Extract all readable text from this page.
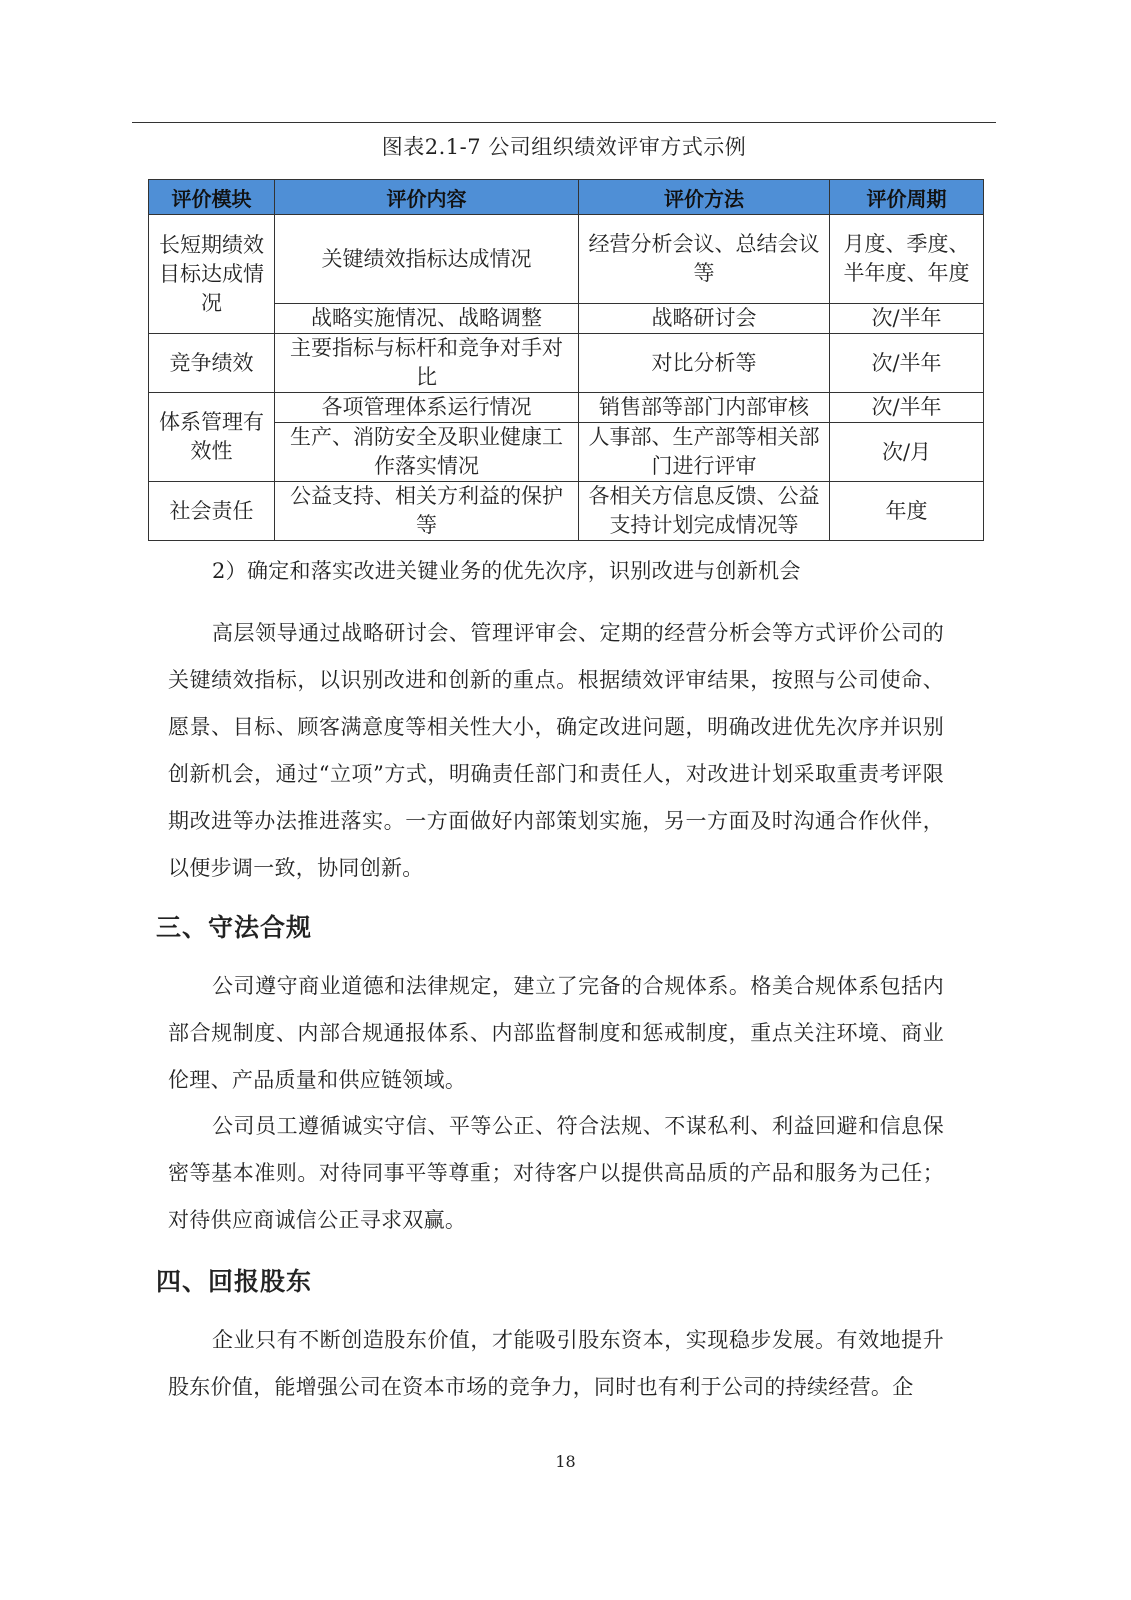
图表2.1-7 公司组织绩效评审方式示例
评价模块	评价内容	评价方法	评价周期
长短期绩效目标达成情况	关键绩效指标达成情况	经营分析会议、总结会议等	月度、季度、半年度、年度
	战略实施情况、战略调整	战略研讨会	次/半年
竞争绩效	主要指标与标杆和竞争对手对比	对比分析等	次/半年
体系管理有效性	各项管理体系运行情况	销售部等部门内部审核	次/半年
	生产、消防安全及职业健康工作落实情况	人事部、生产部等相关部门进行评审	次/月
社会责任	公益支持、相关方利益的保护等	各相关方信息反馈、公益支持计划完成情况等	年度
2）确定和落实改进关键业务的优先次序，识别改进与创新机会
高层领导通过战略研讨会、管理评审会、定期的经营分析会等方式评价公司的关键绩效指标，以识别改进和创新的重点。根据绩效评审结果，按照与公司使命、愿景、目标、顾客满意度等相关性大小，确定改进问题，明确改进优先次序并识别创新机会，通过“立项”方式，明确责任部门和责任人，对改进计划采取重责考评限期改进等办法推进落实。一方面做好内部策划实施，另一方面及时沟通合作伙伴，以便步调一致，协同创新。
三、守法合规
公司遵守商业道德和法律规定，建立了完备的合规体系。格美合规体系包括内部合规制度、内部合规通报体系、内部监督制度和惩戒制度，重点关注环境、商业伦理、产品质量和供应链领域。
公司员工遵循诚实守信、平等公正、符合法规、不谋私利、利益回避和信息保密等基本准则。对待同事平等尊重；对待客户以提供高品质的产品和服务为己任；对待供应商诚信公正寻求双赢。
四、回报股东
企业只有不断创造股东价值，才能吸引股东资本，实现稳步发展。有效地提升股东价值，能增强公司在资本市场的竞争力，同时也有利于公司的持续经营。企
18
